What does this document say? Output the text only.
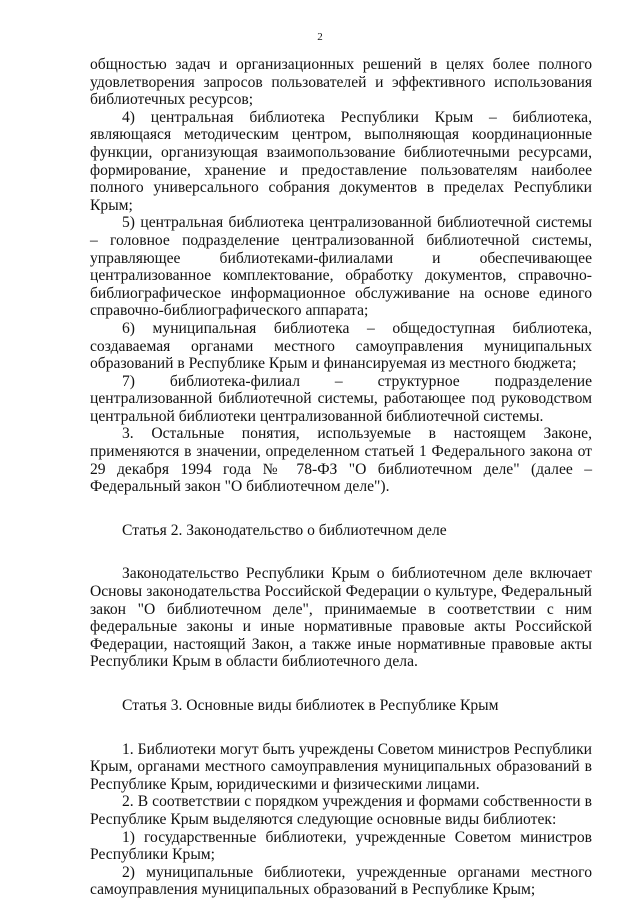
2

общностью задач и организационных решений в целях более полного удовлетворения запросов пользователей и эффективного использования библиотечных ресурсов;

4) центральная библиотека Республики Крым – библиотека, являющаяся методическим центром, выполняющая координационные функции, организующая взаимопользование библиотечными ресурсами, формирование, хранение и предоставление пользователям наиболее полного универсального собрания документов в пределах Республики Крым;

5) центральная библиотека централизованной библиотечной системы – головное подразделение централизованной библиотечной системы, управляющее библиотеками-филиалами и обеспечивающее централизованное комплектование, обработку документов, справочно-библиографическое информационное обслуживание на основе единого справочно-библиографического аппарата;

6) муниципальная библиотека – общедоступная библиотека, создаваемая органами местного самоуправления муниципальных образований в Республике Крым и финансируемая из местного бюджета;

7) библиотека-филиал – структурное подразделение централизованной библиотечной системы, работающее под руководством центральной библиотеки централизованной библиотечной системы.

3. Остальные понятия, используемые в настоящем Законе, применяются в значении, определенном статьей 1 Федерального закона от 29 декабря 1994 года № 78-ФЗ "О библиотечном деле" (далее – Федеральный закон "О библиотечном деле").

Статья 2. Законодательство о библиотечном деле

Законодательство Республики Крым о библиотечном деле включает Основы законодательства Российской Федерации о культуре, Федеральный закон "О библиотечном деле", принимаемые в соответствии с ним федеральные законы и иные нормативные правовые акты Российской Федерации, настоящий Закон, а также иные нормативные правовые акты Республики Крым в области библиотечного дела.

Статья 3. Основные виды библиотек в Республике Крым

1. Библиотеки могут быть учреждены Советом министров Республики Крым, органами местного самоуправления муниципальных образований в Республике Крым, юридическими и физическими лицами.

2. В соответствии с порядком учреждения и формами собственности в Республике Крым выделяются следующие основные виды библиотек:

1) государственные библиотеки, учрежденные Советом министров Республики Крым;

2) муниципальные библиотеки, учрежденные органами местного самоуправления муниципальных образований в Республике Крым;
